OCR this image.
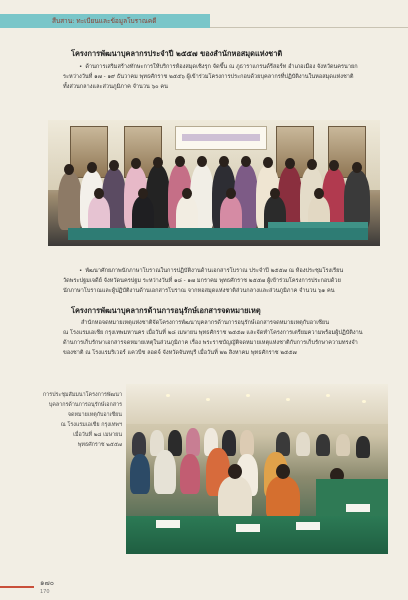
สืบสาน: ทะเบียนและข้อมูลโบราณคดี
โครงการพัฒนาบุคลากรประจำปี ๒๕๕๗ ของสำนักหอสมุดแห่งชาติ
• ด้านการเสริมสร้างทักษะการให้บริการห้องสมุดเชิงรุก จัดขึ้น ณ ภูธาราแกรนด์รีสอร์ท อำเภอเมือง จังหวัดนครนายก
ระหว่างวันที่ ๑๗ - ๑๙ ธันวาคม พุทธศักราช ๒๕๕๖ ผู้เข้าร่วมโครงการประกอบด้วยบุคลากรที่ปฏิบัติงานในหอสมุดแห่งชาติ
ทั้งส่วนกลางและส่วนภูมิภาค จำนวน ๖๐ คน
• พัฒนาศักยภาพนักภาษาโบราณในการปฏิบัติงานด้านเอกสารโบราณ ประจำปี ๒๕๕๗ ณ ห้องประชุมโรงเรียน
วัดพระปฐมเจดีย์ จังหวัดนครปฐม ระหว่างวันที่ ๑๘ - ๑๗ มกราคม พุทธศักราช ๒๕๕๗ ผู้เข้าร่วมโครงการประกอบด้วย
นักภาษาโบราณและผู้ปฏิบัติงานด้านเอกสารโบราณ จากหอสมุดแห่งชาติส่วนกลางและส่วนภูมิภาค จำนวน ๖๑ คน
โครงการพัฒนาบุคลากรด้านการอนุรักษ์เอกสารจดหมายเหตุ
สำนักหอจดหมายเหตุแห่งชาติจัดโครงการพัฒนาบุคลากรด้านการอนุรักษ์เอกสารจดหมายเหตุกับอาเซียน
ณ โรงแรมเอเชีย กรุงเทพมหานคร เมื่อวันที่ ๒๘ เมษายน พุทธศักราช ๒๕๕๗ และจัดทำโครงการเตรียมความพร้อมผู้ปฏิบัติงาน
ด้านการเก็บรักษาเอกสารจดหมายเหตุในส่วนภูมิภาค เรื่อง พระราชบัญญัติจดหมายเหตุแห่งชาติกับการเก็บรักษาความทรงจำ
ของชาติ ณ โรงแรมริเวอร์ แควบีช ลอดจ์ จังหวัดจันทบุรี เมื่อวันที่ ๒๒ สิงหาคม พุทธศักราช ๒๕๕๗
การประชุมสัมมนาโครงการพัฒนา
บุคลากรด้านการอนุรักษ์เอกสาร
จดหมายเหตุกับอาเซียน
ณ โรงแรมเอเชีย กรุงเทพฯ
เมื่อวันที่ ๒๘ เมษายน
พุทธศักราช ๒๕๕๗
๑๗๐
170
